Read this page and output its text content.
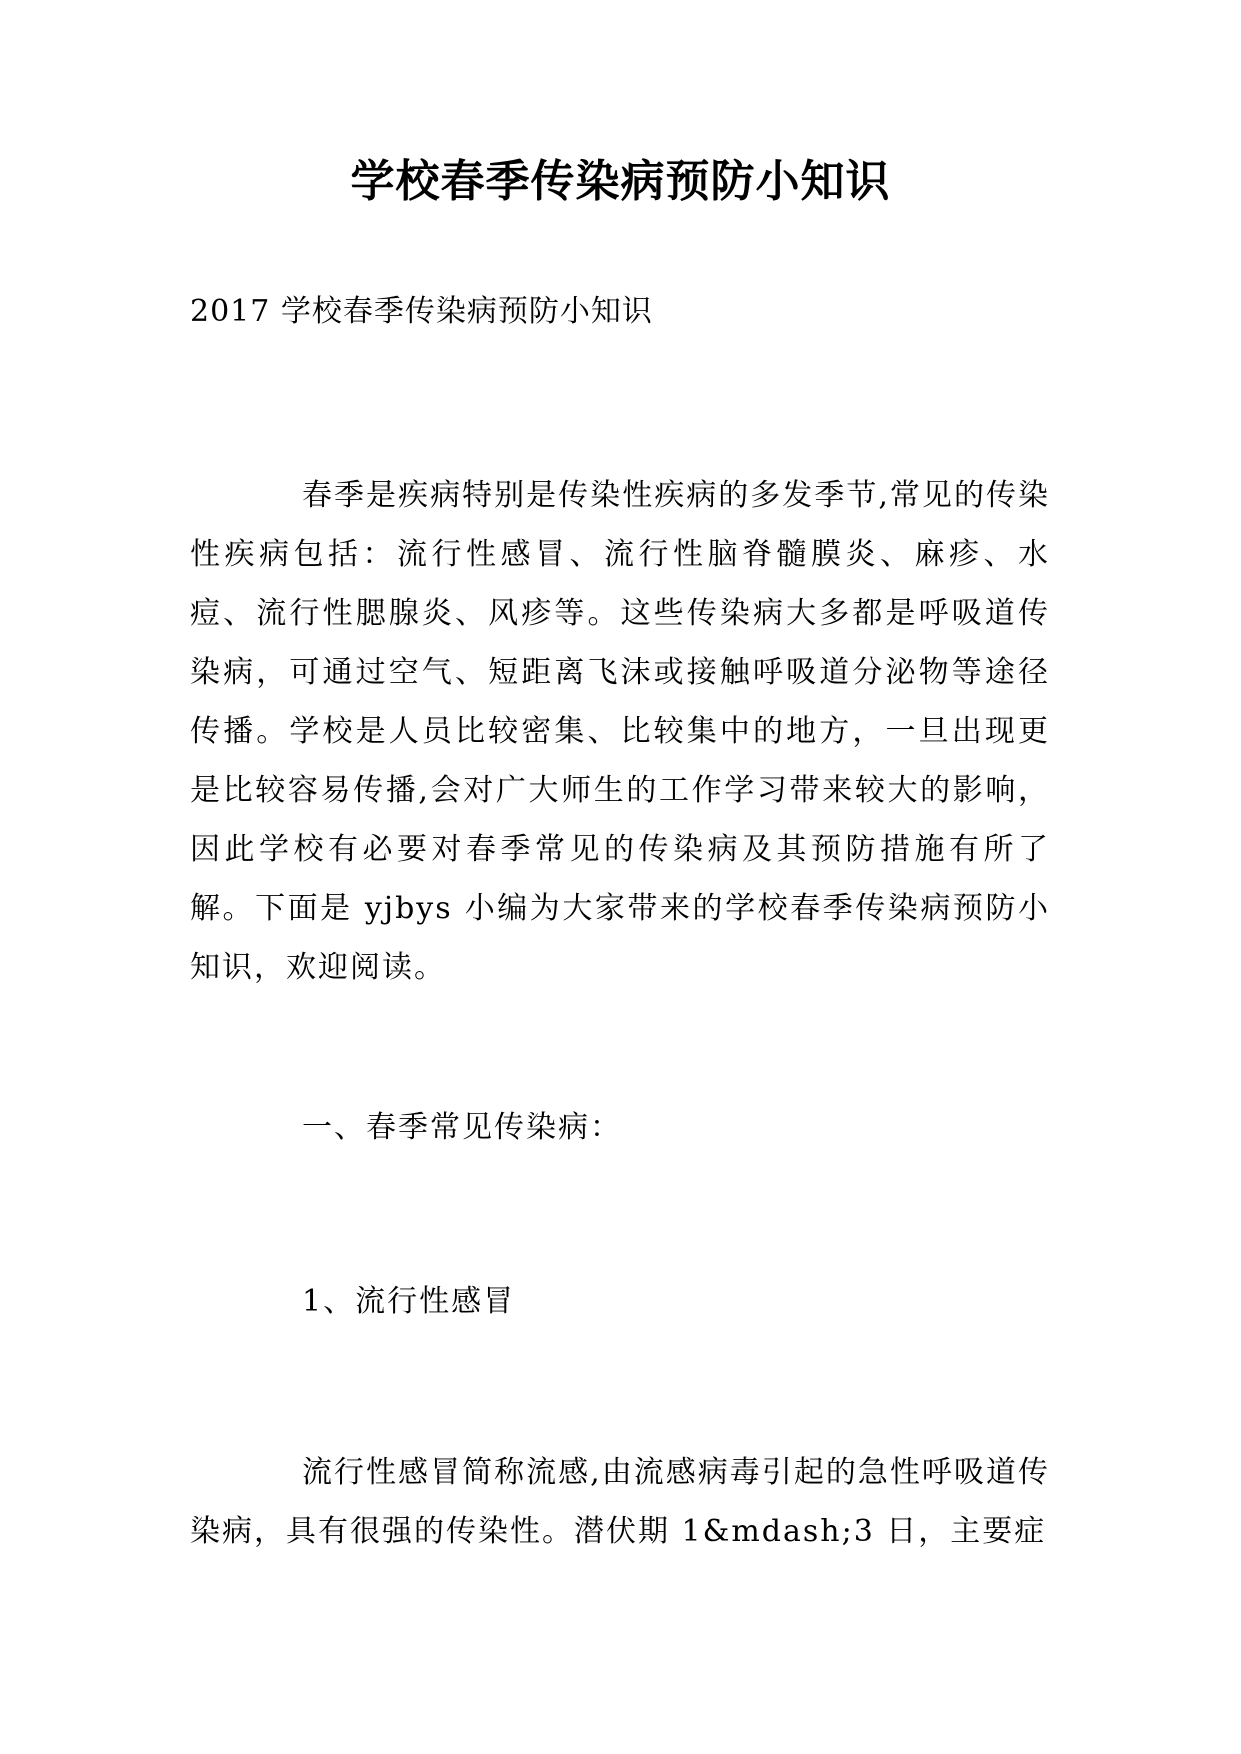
学校春季传染病预防小知识

2017 学校春季传染病预防小知识

春季是疾病特别是传染性疾病的多发季节,常见的传染性疾病包括：流行性感冒、流行性脑脊髓膜炎、麻疹、水痘、流行性腮腺炎、风疹等。这些传染病大多都是呼吸道传染病，可通过空气、短距离飞沫或接触呼吸道分泌物等途径传播。学校是人员比较密集、比较集中的地方，一旦出现更是比较容易传播,会对广大师生的工作学习带来较大的影响，因此学校有必要对春季常见的传染病及其预防措施有所了解。下面是 yjbys 小编为大家带来的学校春季传染病预防小知识，欢迎阅读。

一、春季常见传染病：

1、流行性感冒

流行性感冒简称流感,由流感病毒引起的急性呼吸道传染病，具有很强的传染性。潜伏期 1&mdash;3 日，主要症
